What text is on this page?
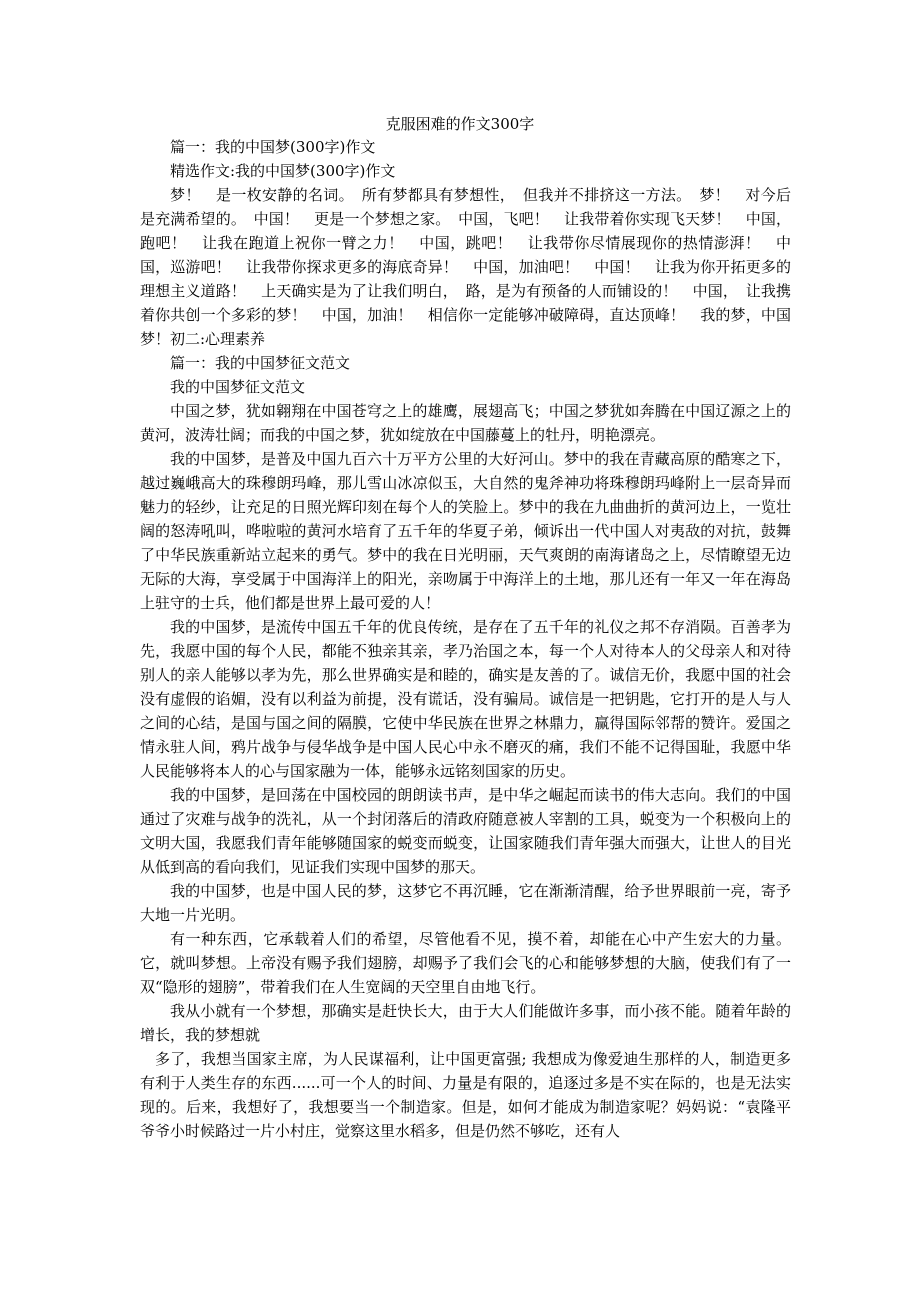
克服困难的作文300字

篇一：我的中国梦(300字)作文

精选作文:我的中国梦(300字)作文

梦！　是一枚安静的名词。　所有梦都具有梦想性，　但我并不排挤这一方法。　梦！　对今后是充满希望的。　中国！　更是一个梦想之家。　中国，飞吧！　让我带着你实现飞天梦！　中国，跑吧！　让我在跑道上祝你一臂之力！　中国，跳吧！　让我带你尽情展现你的热情澎湃！　中国，巡游吧！　让我带你探求更多的海底奇异！　中国，加油吧！　中国！　让我为你开拓更多的理想主义道路！　上天确实是为了让我们明白，　路，是为有预备的人而铺设的！　中国，　让我携着你共创一个多彩的梦！　中国，加油！　相信你一定能够冲破障碍，直达顶峰！　我的梦，中国梦！初二:心理素养

篇一：我的中国梦征文范文

我的中国梦征文范文

中国之梦，犹如翱翔在中国苍穹之上的雄鹰，展翅高飞；中国之梦犹如奔腾在中国辽源之上的黄河，波涛壮阔；而我的中国之梦，犹如绽放在中国藤蔓上的牡丹，明艳漂亮。

我的中国梦，是普及中国九百六十万平方公里的大好河山。梦中的我在青藏高原的酷寒之下，越过巍峨高大的珠穆朗玛峰，那儿雪山冰凉似玉，大自然的鬼斧神功将珠穆朗玛峰附上一层奇异而魅力的轻纱，让充足的日照光辉印刻在每个人的笑脸上。梦中的我在九曲曲折的黄河边上，一览壮阔的怒涛吼叫，哗啦啦的黄河水培育了五千年的华夏子弟，倾诉出一代中国人对夷敌的对抗，鼓舞了中华民族重新站立起来的勇气。梦中的我在日光明丽，天气爽朗的南海诸岛之上，尽情瞭望无边无际的大海，享受属于中国海洋上的阳光，亲吻属于中海洋上的土地，那儿还有一年又一年在海岛上驻守的士兵，他们都是世界上最可爱的人！

我的中国梦，是流传中国五千年的优良传统，是存在了五千年的礼仪之邦不存消陨。百善孝为先，我愿中国的每个人民，都能不独亲其亲，孝乃治国之本，每一个人对待本人的父母亲人和对待别人的亲人能够以孝为先，那么世界确实是和睦的，确实是友善的了。诚信无价，我愿中国的社会没有虚假的谄媚，没有以利益为前提，没有谎话，没有骗局。诚信是一把钥匙，它打开的是人与人之间的心结，是国与国之间的隔膜，它使中华民族在世界之林鼎力，赢得国际邻帮的赞许。爱国之情永驻人间，鸦片战争与侵华战争是中国人民心中永不磨灭的痛，我们不能不记得国耻，我愿中华人民能够将本人的心与国家融为一体，能够永远铭刻国家的历史。

我的中国梦，是回荡在中国校园的朗朗读书声，是中华之崛起而读书的伟大志向。我们的中国通过了灾难与战争的洗礼，从一个封闭落后的清政府随意被人宰割的工具，蜕变为一个积极向上的文明大国，我愿我们青年能够随国家的蜕变而蜕变，让国家随我们青年强大而强大，让世人的目光从低到高的看向我们，见证我们实现中国梦的那天。

我的中国梦，也是中国人民的梦，这梦它不再沉睡，它在渐渐清醒，给予世界眼前一亮，寄予大地一片光明。

有一种东西，它承载着人们的希望，尽管他看不见，摸不着，却能在心中产生宏大的力量。它，就叫梦想。上帝没有赐予我们翅膀，却赐予了我们会飞的心和能够梦想的大脑，使我们有了一双“隐形的翅膀”，带着我们在人生宽阔的天空里自由地飞行。

我从小就有一个梦想，那确实是赶快长大，由于大人们能做许多事，而小孩不能。随着年龄的增长，我的梦想就

多了，我想当国家主席，为人民谋福利，让中国更富强; 我想成为像爱迪生那样的人，制造更多有利于人类生存的东西......可一个人的时间、力量是有限的，追逐过多是不实在际的，也是无法实现的。后来，我想好了，我想要当一个制造家。但是，如何才能成为制造家呢？妈妈说：“袁隆平爷爷小时候路过一片小村庄，觉察这里水稻多，但是仍然不够吃，还有人
